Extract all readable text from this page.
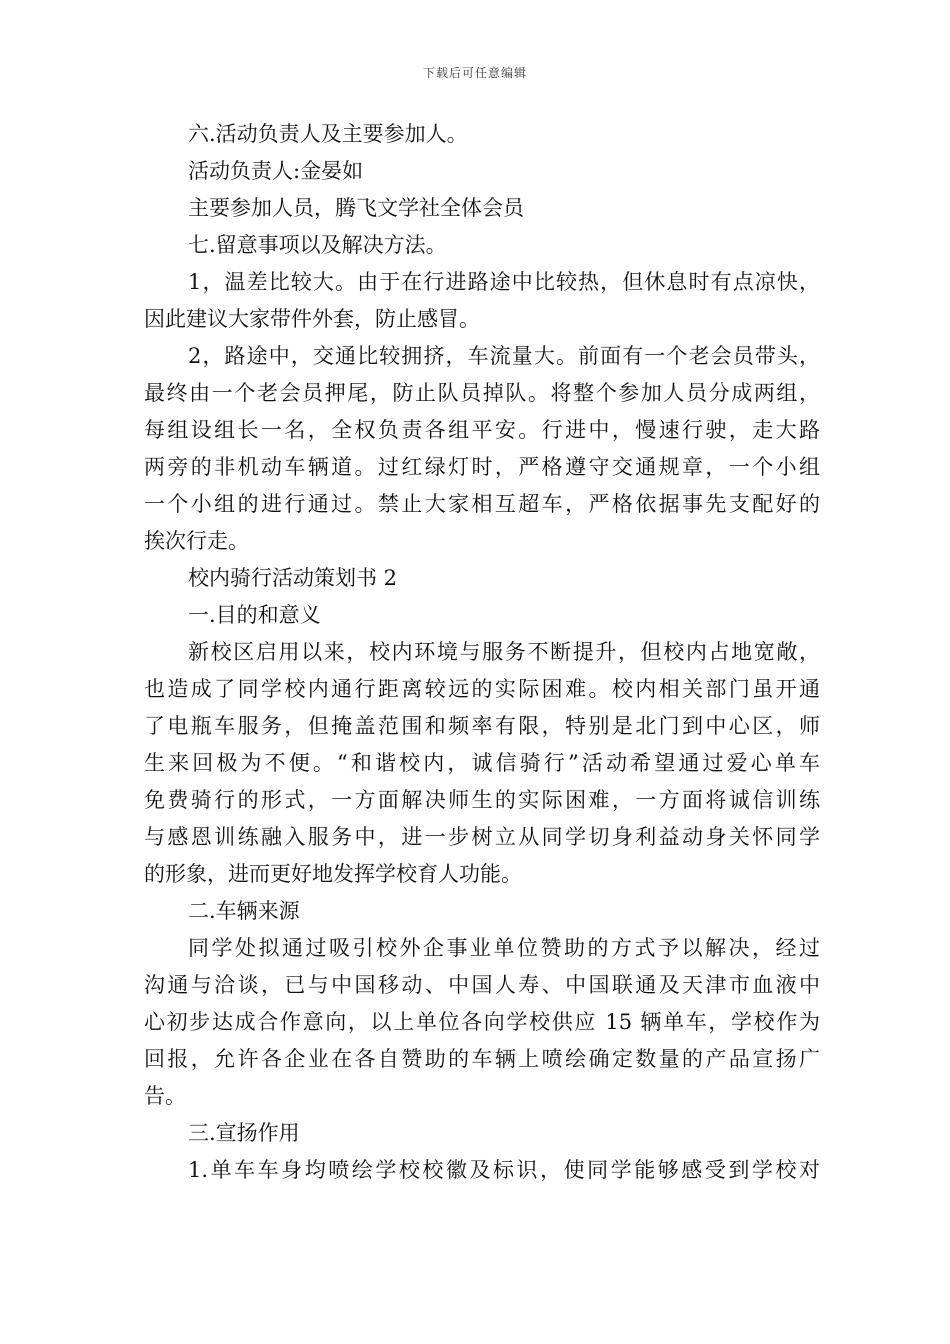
下载后可任意编辑
六.活动负责人及主要参加人。
活动负责人:金晏如
主要参加人员，腾飞文学社全体会员
七.留意事项以及解决方法。
1，温差比较大。由于在行进路途中比较热，但休息时有点凉快，
因此建议大家带件外套，防止感冒。
2，路途中，交通比较拥挤，车流量大。前面有一个老会员带头，
最终由一个老会员押尾，防止队员掉队。将整个参加人员分成两组，
每组设组长一名，全权负责各组平安。行进中，慢速行驶，走大路
两旁的非机动车辆道。过红绿灯时，严格遵守交通规章，一个小组
一个小组的进行通过。禁止大家相互超车，严格依据事先支配好的
挨次行走。
校内骑行活动策划书 2
一.目的和意义
新校区启用以来，校内环境与服务不断提升，但校内占地宽敞，
也造成了同学校内通行距离较远的实际困难。校内相关部门虽开通
了电瓶车服务，但掩盖范围和频率有限，特别是北门到中心区，师
生来回极为不便。“和谐校内，诚信骑行”活动希望通过爱心单车
免费骑行的形式，一方面解决师生的实际困难，一方面将诚信训练
与感恩训练融入服务中，进一步树立从同学切身利益动身关怀同学
的形象，进而更好地发挥学校育人功能。
二.车辆来源
同学处拟通过吸引校外企事业单位赞助的方式予以解决，经过
沟通与洽谈，已与中国移动、中国人寿、中国联通及天津市血液中
心初步达成合作意向，以上单位各向学校供应 15 辆单车，学校作为
回报，允许各企业在各自赞助的车辆上喷绘确定数量的产品宣扬广
告。
三.宣扬作用
1.单车车身均喷绘学校校徽及标识，使同学能够感受到学校对
